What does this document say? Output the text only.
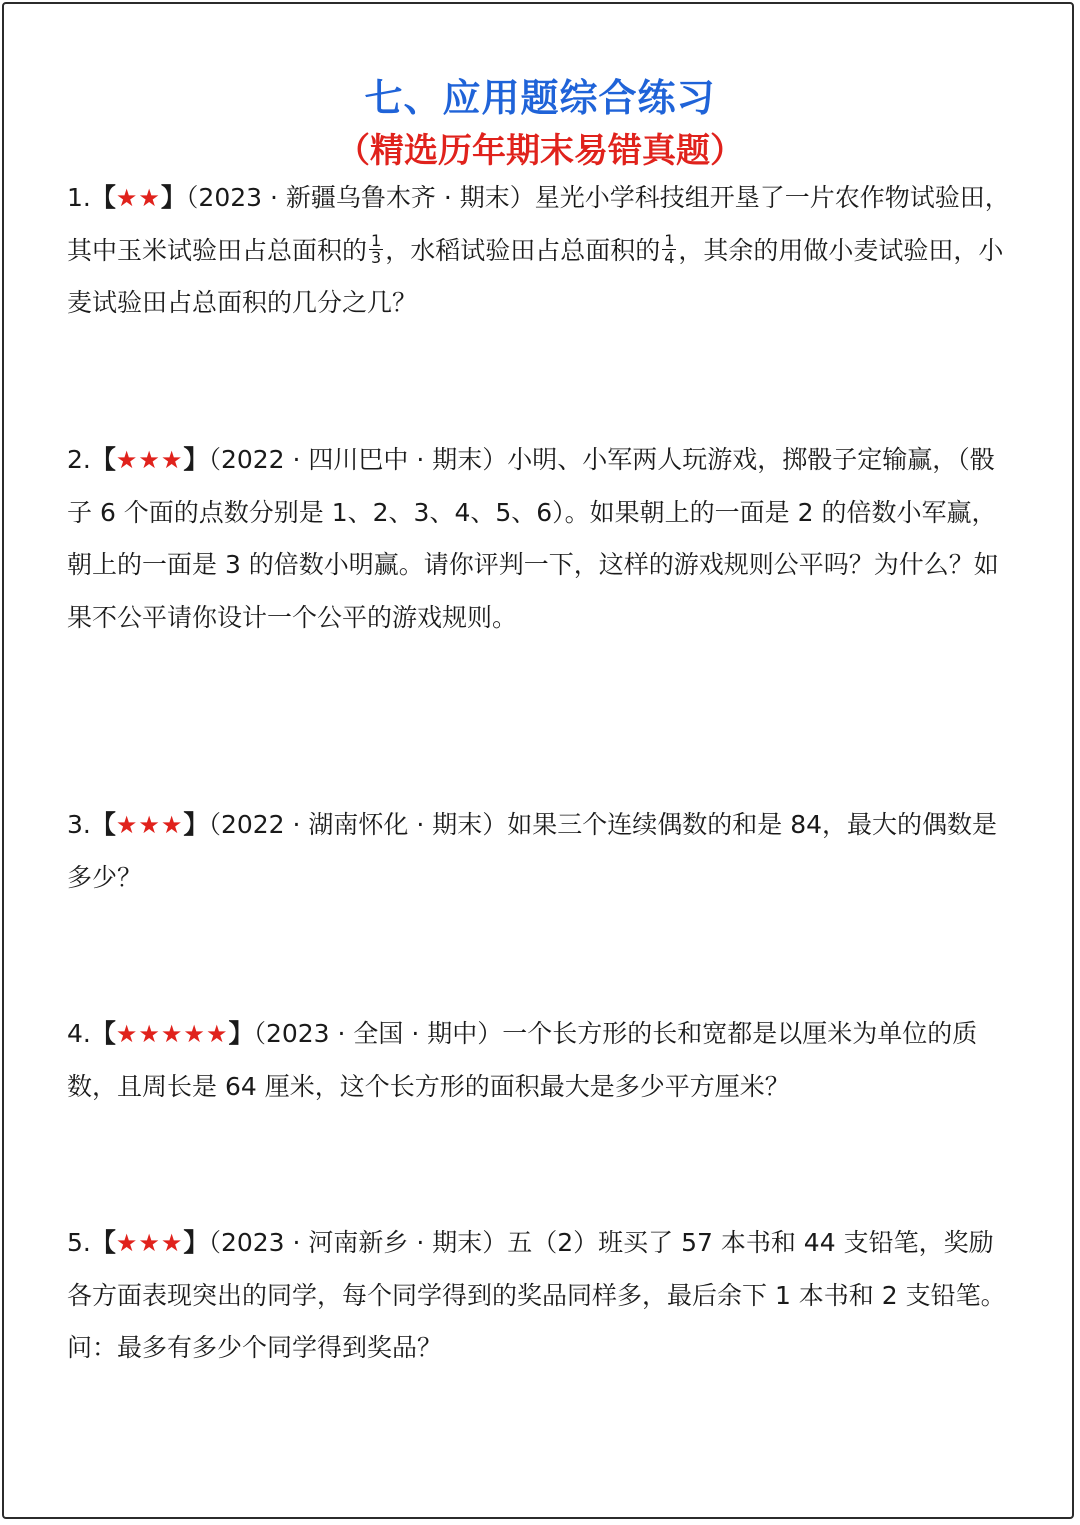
七、应用题综合练习
（精选历年期末易错真题）
1.【★★】（2023 · 新疆乌鲁木齐 · 期末）星光小学科技组开垦了一片农作物试验田，其中玉米试验田占总面积的 $\frac{1}{3}$ ，水稻试验田占总面积的 $\frac{1}{4}$ ，其余的用做小麦试验田，小麦试验田占总面积的几分之几？
2.【★★★】（2022 · 四川巴中 · 期末）小明、小军两人玩游戏，掷骰子定输赢，（骰子 6 个面的点数分别是 1、2、3、4、5、6）。如果朝上的一面是 2 的倍数小军赢，朝上的一面是 3 的倍数小明赢。请你评判一下，这样的游戏规则公平吗？为什么？如果不公平请你设计一个公平的游戏规则。
3.【★★★】（2022 · 湖南怀化 · 期末）如果三个连续偶数的和是 84，最大的偶数是多少？
4.【★★★★★】（2023 · 全国 · 期中）一个长方形的长和宽都是以厘米为单位的质数，且周长是 64 厘米，这个长方形的面积最大是多少平方厘米？
5.【★★★】（2023 · 河南新乡 · 期末）五（2）班买了 57 本书和 44 支铅笔，奖励各方面表现突出的同学，每个同学得到的奖品同样多，最后余下 1 本书和 2 支铅笔。问：最多有多少个同学得到奖品？
